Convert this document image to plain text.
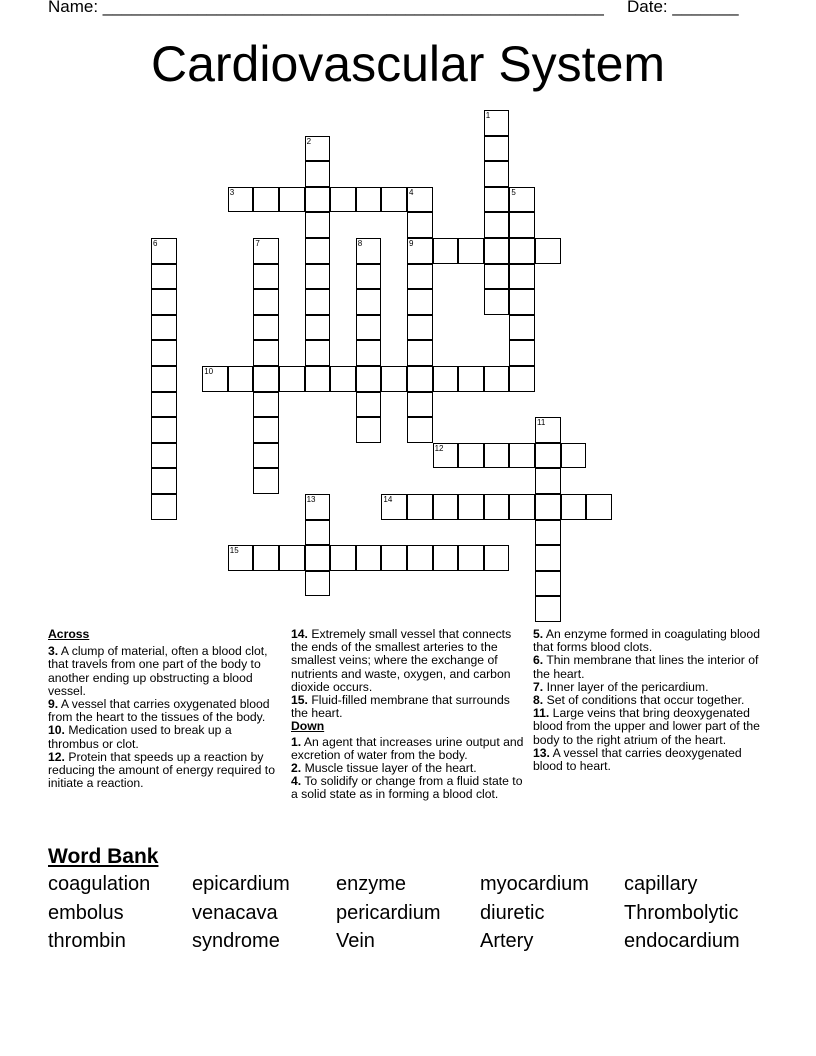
Name: _____________________________________________________ Date: _______
Cardiovascular System
1
2
3	4
9
5
6	7	8
10
11
12
13	14
15
Across
3. A clump of material, often a blood clot, that travels from one part of the body to another ending up obstructing a blood vessel.
9. A vessel that carries oxygenated blood from the heart to the tissues of the body.
10. Medication used to break up a thrombus or clot.
12. Protein that speeds up a reaction by reducing the amount of energy required to initiate a reaction.
14. Extremely small vessel that connects the ends of the smallest arteries to the smallest veins; where the exchange of nutrients and waste, oxygen, and carbon dioxide occurs.
15. Fluid-filled membrane that surrounds the heart.
Down
1. An agent that increases urine output and excretion of water from the body.
2. Muscle tissue layer of the heart.
4. To solidify or change from a fluid state to a solid state as in forming a blood clot.
5. An enzyme formed in coagulating blood that forms blood clots.
6. Thin membrane that lines the interior of the heart.
7. Inner layer of the pericardium.
8. Set of conditions that occur together.
11. Large veins that bring deoxygenated blood from the upper and lower part of the body to the right atrium of the heart.
13. A vessel that carries deoxygenated blood to heart.
Word Bank
coagulation	epicardium	enzyme	myocardium	capillary
embolus	venacava	pericardium	diuretic	Thrombolytic
thrombin	syndrome	Vein	Artery	endocardium
